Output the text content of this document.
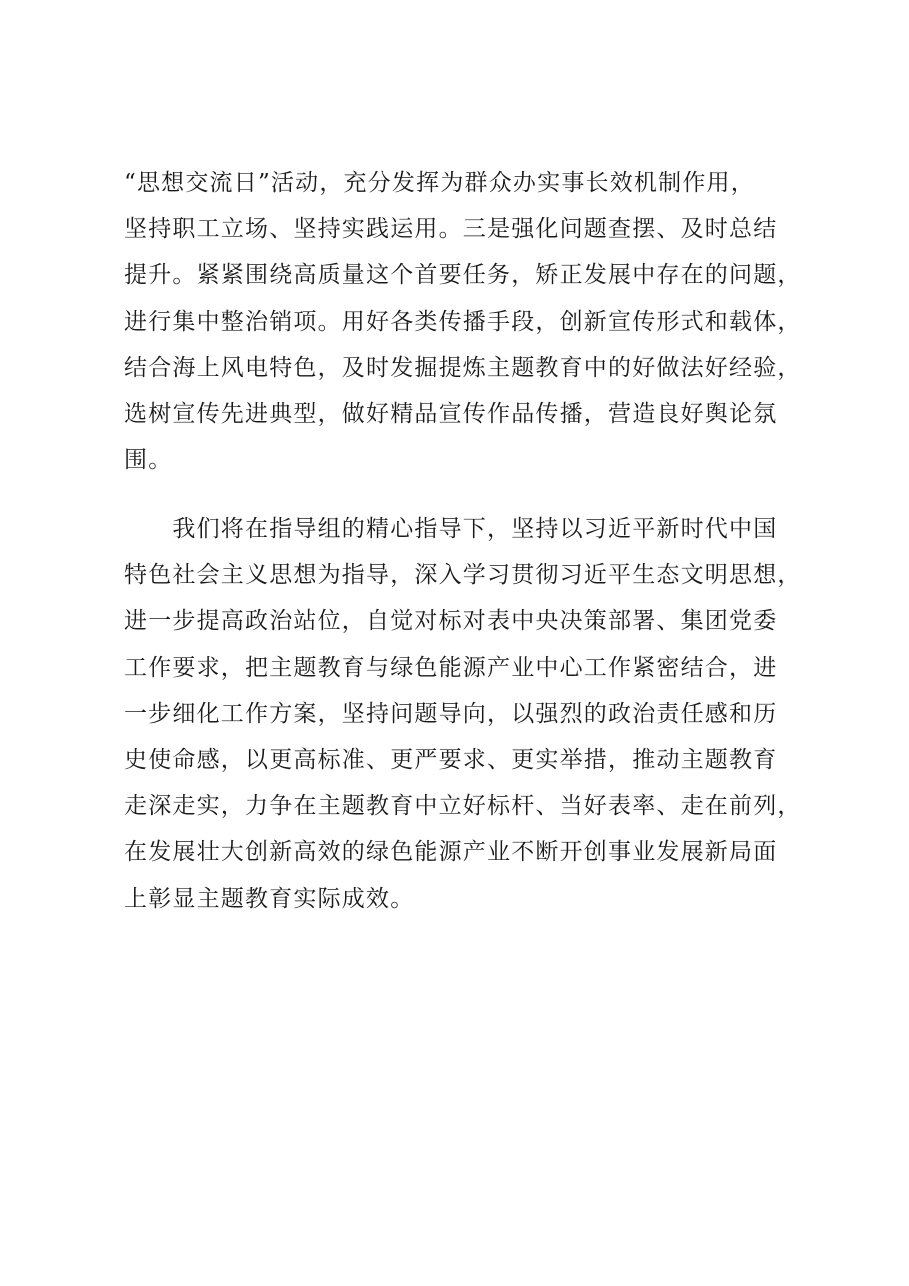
“思想交流日”活动，充分发挥为群众办实事长效机制作用，
坚持职工立场、坚持实践运用。三是强化问题查摆、及时总结
提升。紧紧围绕高质量这个首要任务，矫正发展中存在的问题，
进行集中整治销项。用好各类传播手段，创新宣传形式和载体，
结合海上风电特色，及时发掘提炼主题教育中的好做法好经验，
选树宣传先进典型，做好精品宣传作品传播，营造良好舆论氛
围。
　　我们将在指导组的精心指导下，坚持以习近平新时代中国
特色社会主义思想为指导，深入学习贯彻习近平生态文明思想，
进一步提高政治站位，自觉对标对表中央决策部署、集团党委
工作要求，把主题教育与绿色能源产业中心工作紧密结合，进
一步细化工作方案，坚持问题导向，以强烈的政治责任感和历
史使命感，以更高标准、更严要求、更实举措，推动主题教育
走深走实，力争在主题教育中立好标杆、当好表率、走在前列，
在发展壮大创新高效的绿色能源产业不断开创事业发展新局面
上彰显主题教育实际成效。
